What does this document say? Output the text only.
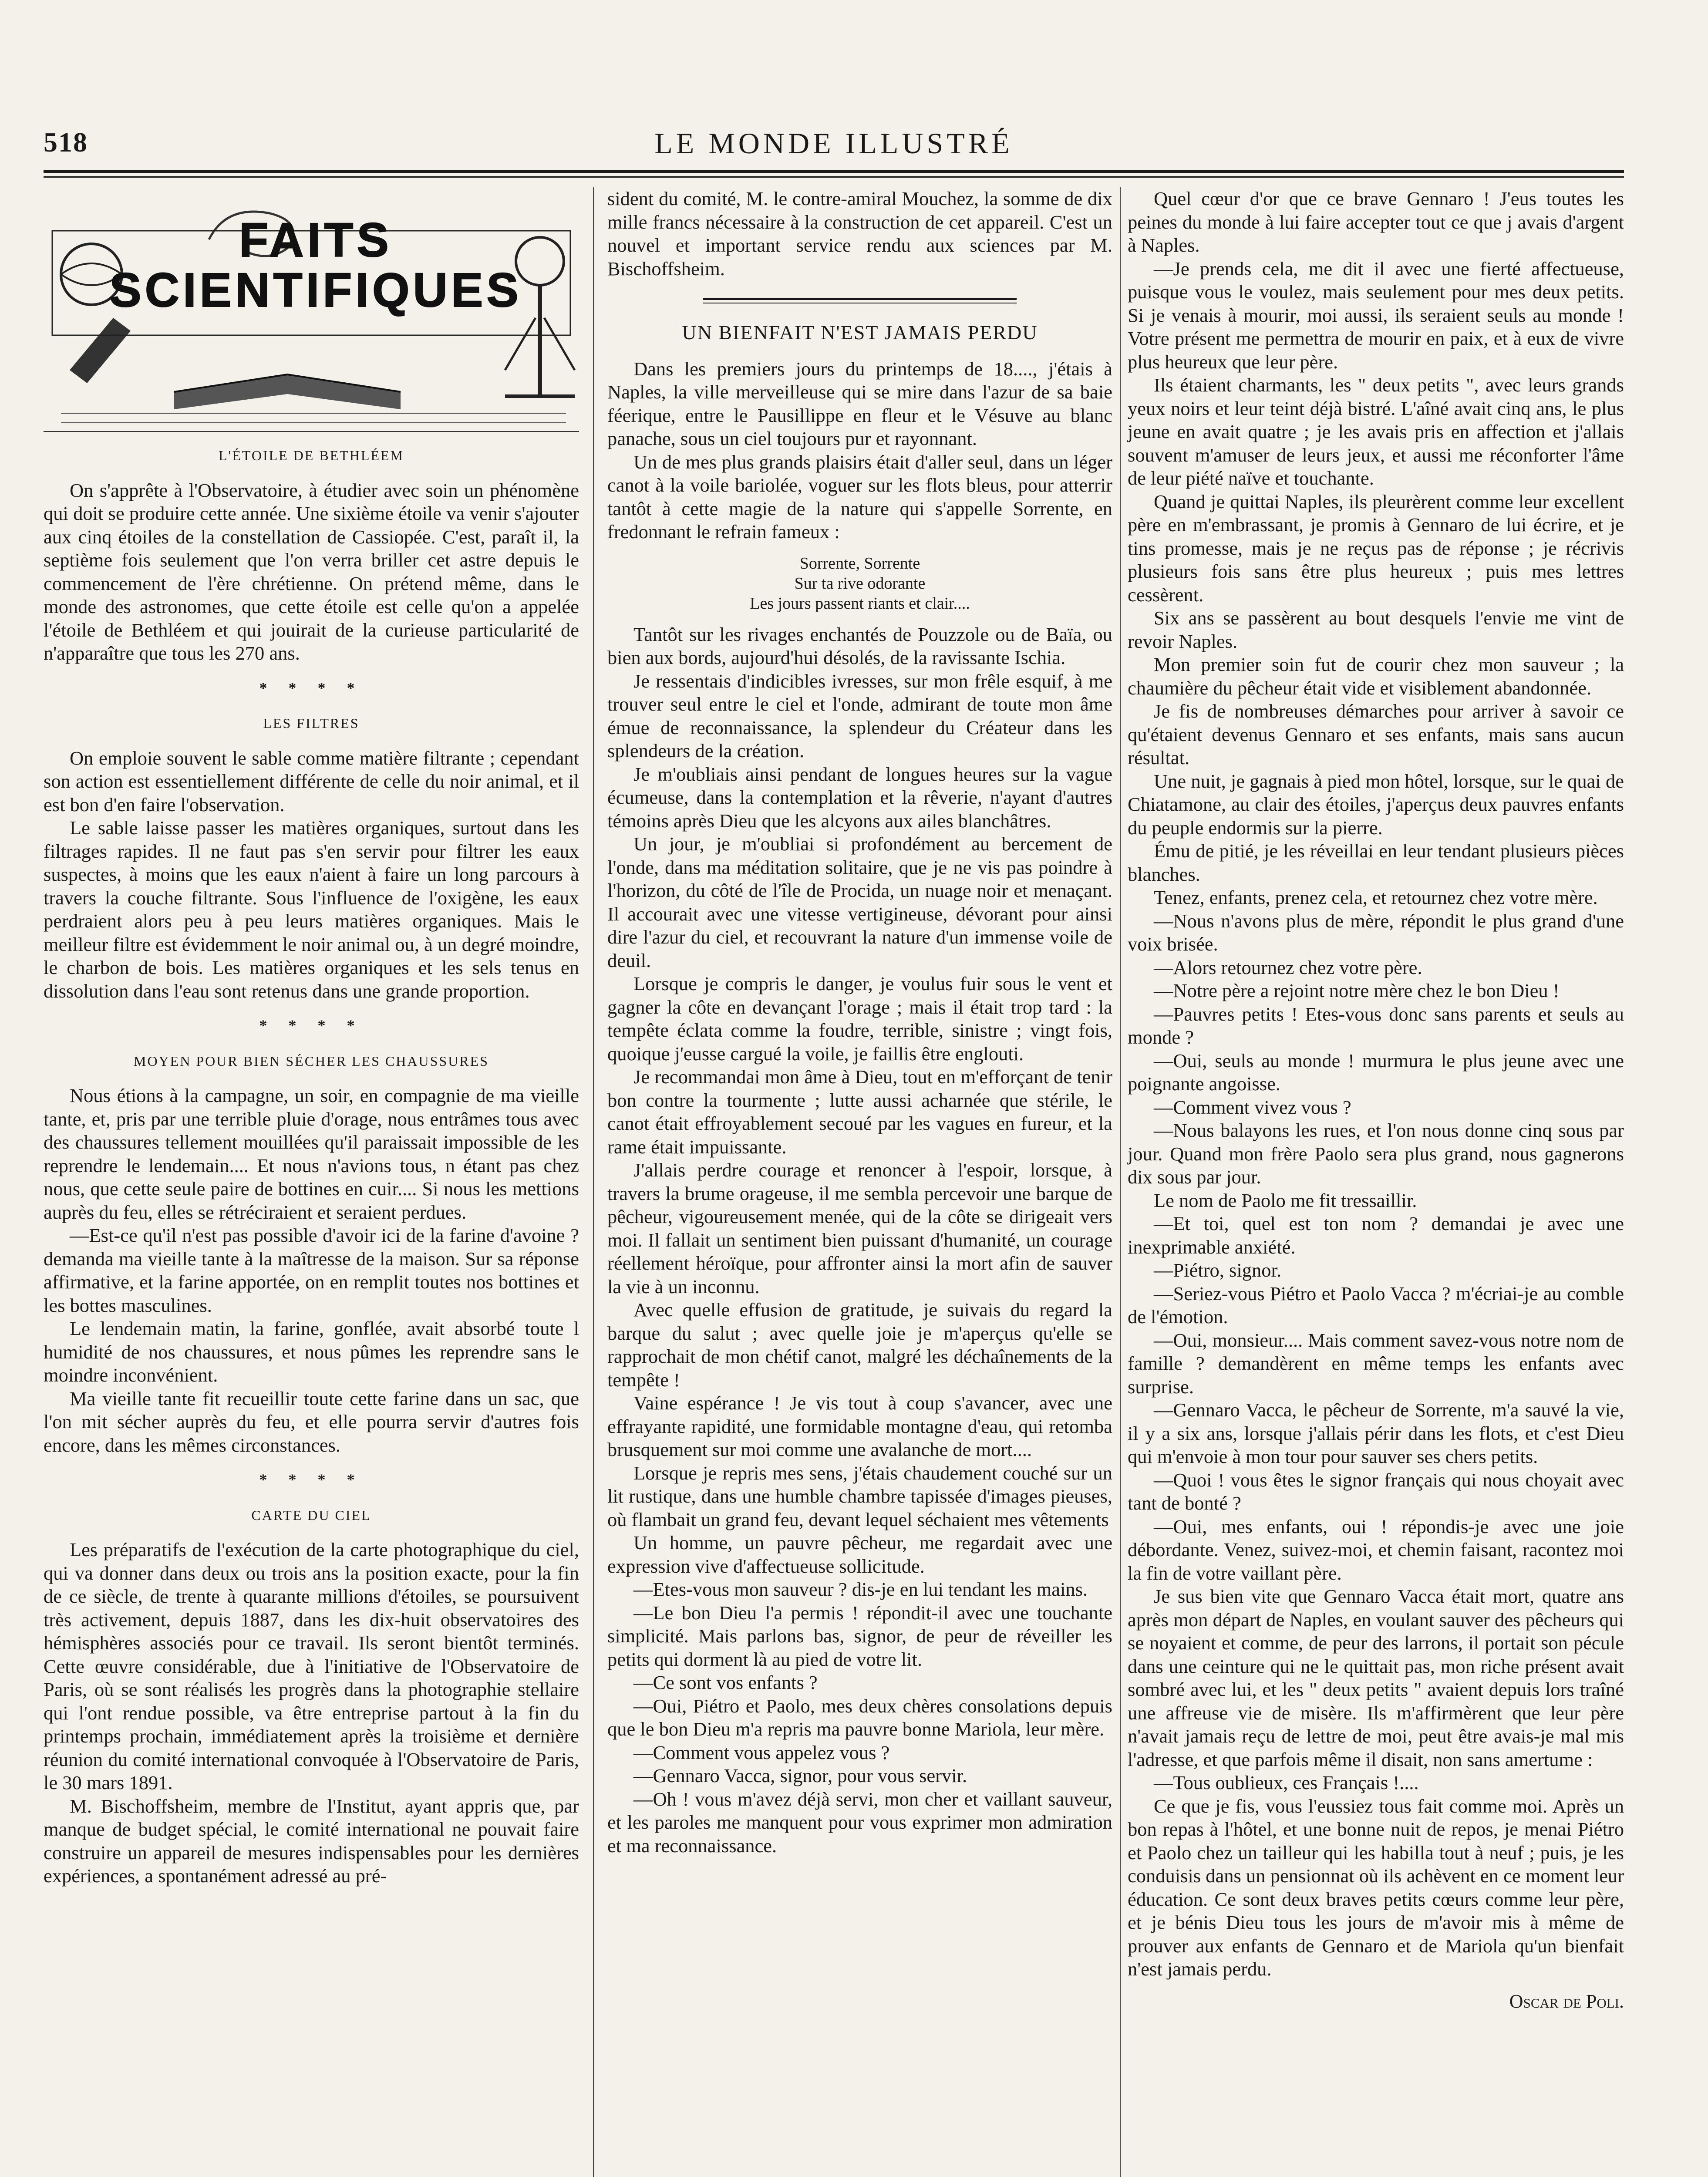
518	LE MONDE ILLUSTRÉ
FAITS
SCIENTIFIQUES
L'ÉTOILE DE BETHLÉEM

On s'apprête à l'Observatoire, à étudier avec soin un phénomène qui doit se produire cette année. Une sixième étoile va venir s'ajouter aux cinq étoiles de la constellation de Cassiopée. C'est, paraît il, la septième fois seulement que l'on verra briller cet astre depuis le commencement de l'ère chrétienne. On prétend même, dans le monde des astronomes, que cette étoile est celle qu'on a appelée l'étoile de Bethléem et qui jouirait de la curieuse particularité de n'apparaître que tous les 270 ans.

* * * *
LES FILTRES

On emploie souvent le sable comme matière filtrante ; cependant son action est essentiellement différente de celle du noir animal, et il est bon d'en faire l'observation.

Le sable laisse passer les matières organiques, surtout dans les filtrages rapides. Il ne faut pas s'en servir pour filtrer les eaux suspectes, à moins que les eaux n'aient à faire un long parcours à travers la couche filtrante. Sous l'influence de l'oxigène, les eaux perdraient alors peu à peu leurs matières organiques. Mais le meilleur filtre est évidemment le noir animal ou, à un degré moindre, le charbon de bois. Les matières organiques et les sels tenus en dissolution dans l'eau sont retenus dans une grande proportion.

* * * *
MOYEN POUR BIEN SÉCHER LES CHAUSSURES

Nous étions à la campagne, un soir, en compagnie de ma vieille tante, et, pris par une terrible pluie d'orage, nous entrâmes tous avec des chaussures tellement mouillées qu'il paraissait impossible de les reprendre le lendemain.... Et nous n'avions tous, n étant pas chez nous, que cette seule paire de bottines en cuir.... Si nous les mettions auprès du feu, elles se rétréciraient et seraient perdues.

—Est-ce qu'il n'est pas possible d'avoir ici de la farine d'avoine ? demanda ma vieille tante à la maîtresse de la maison. Sur sa réponse affirmative, et la farine apportée, on en remplit toutes nos bottines et les bottes masculines.

Le lendemain matin, la farine, gonflée, avait absorbé toute l humidité de nos chaussures, et nous pûmes les reprendre sans le moindre inconvénient.

Ma vieille tante fit recueillir toute cette farine dans un sac, que l'on mit sécher auprès du feu, et elle pourra servir d'autres fois encore, dans les mêmes circonstances.

* * * *
CARTE DU CIEL

Les préparatifs de l'exécution de la carte photographique du ciel, qui va donner dans deux ou trois ans la position exacte, pour la fin de ce siècle, de trente à quarante millions d'étoiles, se poursuivent très activement, depuis 1887, dans les dix-huit observatoires des hémisphères associés pour ce travail. Ils seront bientôt terminés. Cette œuvre considérable, due à l'initiative de l'Observatoire de Paris, où se sont réalisés les progrès dans la photographie stellaire qui l'ont rendue possible, va être entreprise partout à la fin du printemps prochain, immédiatement après la troisième et dernière réunion du comité international convoquée à l'Observatoire de Paris, le 30 mars 1891.

M. Bischoffsheim, membre de l'Institut, ayant appris que, par manque de budget spécial, le comité international ne pouvait faire construire un appareil de mesures indispensables pour les dernières expériences, a spontanément adressé au pré-

sident du comité, M. le contre-amiral Mouchez, la somme de dix mille francs nécessaire à la construction de cet appareil. C'est un nouvel et important service rendu aux sciences par M. Bischoffsheim.

UN BIENFAIT N'EST JAMAIS PERDU

Dans les premiers jours du printemps de 18...., j'étais à Naples, la ville merveilleuse qui se mire dans l'azur de sa baie féerique, entre le Pausillippe en fleur et le Vésuve au blanc panache, sous un ciel toujours pur et rayonnant.

Un de mes plus grands plaisirs était d'aller seul, dans un léger canot à la voile bariolée, voguer sur les flots bleus, pour atterrir tantôt à cette magie de la nature qui s'appelle Sorrente, en fredonnant le refrain fameux :

Sorrente, Sorrente
Sur ta rive odorante
Les jours passent riants et clair....

Tantôt sur les rivages enchantés de Pouzzole ou de Baïa, ou bien aux bords, aujourd'hui désolés, de la ravissante Ischia.

Je ressentais d'indicibles ivresses, sur mon frêle esquif, à me trouver seul entre le ciel et l'onde, admirant de toute mon âme émue de reconnaissance, la splendeur du Créateur dans les splendeurs de la création.

Je m'oubliais ainsi pendant de longues heures sur la vague écumeuse, dans la contemplation et la rêverie, n'ayant d'autres témoins après Dieu que les alcyons aux ailes blanchâtres.

Un jour, je m'oubliai si profondément au bercement de l'onde, dans ma méditation solitaire, que je ne vis pas poindre à l'horizon, du côté de l'île de Procida, un nuage noir et menaçant. Il accourait avec une vitesse vertigineuse, dévorant pour ainsi dire l'azur du ciel, et recouvrant la nature d'un immense voile de deuil.

Lorsque je compris le danger, je voulus fuir sous le vent et gagner la côte en devançant l'orage ; mais il était trop tard : la tempête éclata comme la foudre, terrible, sinistre ; vingt fois, quoique j'eusse cargué la voile, je faillis être englouti.

Je recommandai mon âme à Dieu, tout en m'efforçant de tenir bon contre la tourmente ; lutte aussi acharnée que stérile, le canot était effroyablement secoué par les vagues en fureur, et la rame était impuissante.

J'allais perdre courage et renoncer à l'espoir, lorsque, à travers la brume orageuse, il me sembla percevoir une barque de pêcheur, vigoureusement menée, qui de la côte se dirigeait vers moi. Il fallait un sentiment bien puissant d'humanité, un courage réellement héroïque, pour affronter ainsi la mort afin de sauver la vie à un inconnu.

Avec quelle effusion de gratitude, je suivais du regard la barque du salut ; avec quelle joie je m'aperçus qu'elle se rapprochait de mon chétif canot, malgré les déchaînements de la tempête !

Vaine espérance ! Je vis tout à coup s'avancer, avec une effrayante rapidité, une formidable montagne d'eau, qui retomba brusquement sur moi comme une avalanche de mort....

Lorsque je repris mes sens, j'étais chaudement couché sur un lit rustique, dans une humble chambre tapissée d'images pieuses, où flambait un grand feu, devant lequel séchaient mes vêtements

Un homme, un pauvre pêcheur, me regardait avec une expression vive d'affectueuse sollicitude.

—Etes-vous mon sauveur ? dis-je en lui tendant les mains.

—Le bon Dieu l'a permis ! répondit-il avec une touchante simplicité. Mais parlons bas, signor, de peur de réveiller les petits qui dorment là au pied de votre lit.

—Ce sont vos enfants ?

—Oui, Piétro et Paolo, mes deux chères consolations depuis que le bon Dieu m'a repris ma pauvre bonne Mariola, leur mère.

—Comment vous appelez vous ?

—Gennaro Vacca, signor, pour vous servir.

—Oh ! vous m'avez déjà servi, mon cher et vaillant sauveur, et les paroles me manquent pour vous exprimer mon admiration et ma reconnaissance.

Quel cœur d'or que ce brave Gennaro ! J'eus toutes les peines du monde à lui faire accepter tout ce que j avais d'argent à Naples.

—Je prends cela, me dit il avec une fierté affectueuse, puisque vous le voulez, mais seulement pour mes deux petits. Si je venais à mourir, moi aussi, ils seraient seuls au monde ! Votre présent me permettra de mourir en paix, et à eux de vivre plus heureux que leur père.

Ils étaient charmants, les " deux petits ", avec leurs grands yeux noirs et leur teint déjà bistré. L'aîné avait cinq ans, le plus jeune en avait quatre ; je les avais pris en affection et j'allais souvent m'amuser de leurs jeux, et aussi me réconforter l'âme de leur piété naïve et touchante.

Quand je quittai Naples, ils pleurèrent comme leur excellent père en m'embrassant, je promis à Gennaro de lui écrire, et je tins promesse, mais je ne reçus pas de réponse ; je récrivis plusieurs fois sans être plus heureux ; puis mes lettres cessèrent.

Six ans se passèrent au bout desquels l'envie me vint de revoir Naples.

Mon premier soin fut de courir chez mon sauveur ; la chaumière du pêcheur était vide et visiblement abandonnée.

Je fis de nombreuses démarches pour arriver à savoir ce qu'étaient devenus Gennaro et ses enfants, mais sans aucun résultat.

Une nuit, je gagnais à pied mon hôtel, lorsque, sur le quai de Chiatamone, au clair des étoiles, j'aperçus deux pauvres enfants du peuple endormis sur la pierre.

Ému de pitié, je les réveillai en leur tendant plusieurs pièces blanches.

Tenez, enfants, prenez cela, et retournez chez votre mère.

—Nous n'avons plus de mère, répondit le plus grand d'une voix brisée.

—Alors retournez chez votre père.

—Notre père a rejoint notre mère chez le bon Dieu !

—Pauvres petits ! Etes-vous donc sans parents et seuls au monde ?

—Oui, seuls au monde ! murmura le plus jeune avec une poignante angoisse.

—Comment vivez vous ?

—Nous balayons les rues, et l'on nous donne cinq sous par jour. Quand mon frère Paolo sera plus grand, nous gagnerons dix sous par jour.

Le nom de Paolo me fit tressaillir.

—Et toi, quel est ton nom ? demandai je avec une inexprimable anxiété.

—Piétro, signor.

—Seriez-vous Piétro et Paolo Vacca ? m'écriai-je au comble de l'émotion.

—Oui, monsieur.... Mais comment savez-vous notre nom de famille ? demandèrent en même temps les enfants avec surprise.

—Gennaro Vacca, le pêcheur de Sorrente, m'a sauvé la vie, il y a six ans, lorsque j'allais périr dans les flots, et c'est Dieu qui m'envoie à mon tour pour sauver ses chers petits.

—Quoi ! vous êtes le signor français qui nous choyait avec tant de bonté ?

—Oui, mes enfants, oui ! répondis-je avec une joie débordante. Venez, suivez-moi, et chemin faisant, racontez moi la fin de votre vaillant père.

Je sus bien vite que Gennaro Vacca était mort, quatre ans après mon départ de Naples, en voulant sauver des pêcheurs qui se noyaient et comme, de peur des larrons, il portait son pécule dans une ceinture qui ne le quittait pas, mon riche présent avait sombré avec lui, et les " deux petits " avaient depuis lors traîné une affreuse vie de misère. Ils m'affirmèrent que leur père n'avait jamais reçu de lettre de moi, peut être avais-je mal mis l'adresse, et que parfois même il disait, non sans amertume :

—Tous oublieux, ces Français !....

Ce que je fis, vous l'eussiez tous fait comme moi. Après un bon repas à l'hôtel, et une bonne nuit de repos, je menai Piétro et Paolo chez un tailleur qui les habilla tout à neuf ; puis, je les conduisis dans un pensionnat où ils achèvent en ce moment leur éducation. Ce sont deux braves petits cœurs comme leur père, et je bénis Dieu tous les jours de m'avoir mis à même de prouver aux enfants de Gennaro et de Mariola qu'un bienfait n'est jamais perdu.

Oscar de Poli.
